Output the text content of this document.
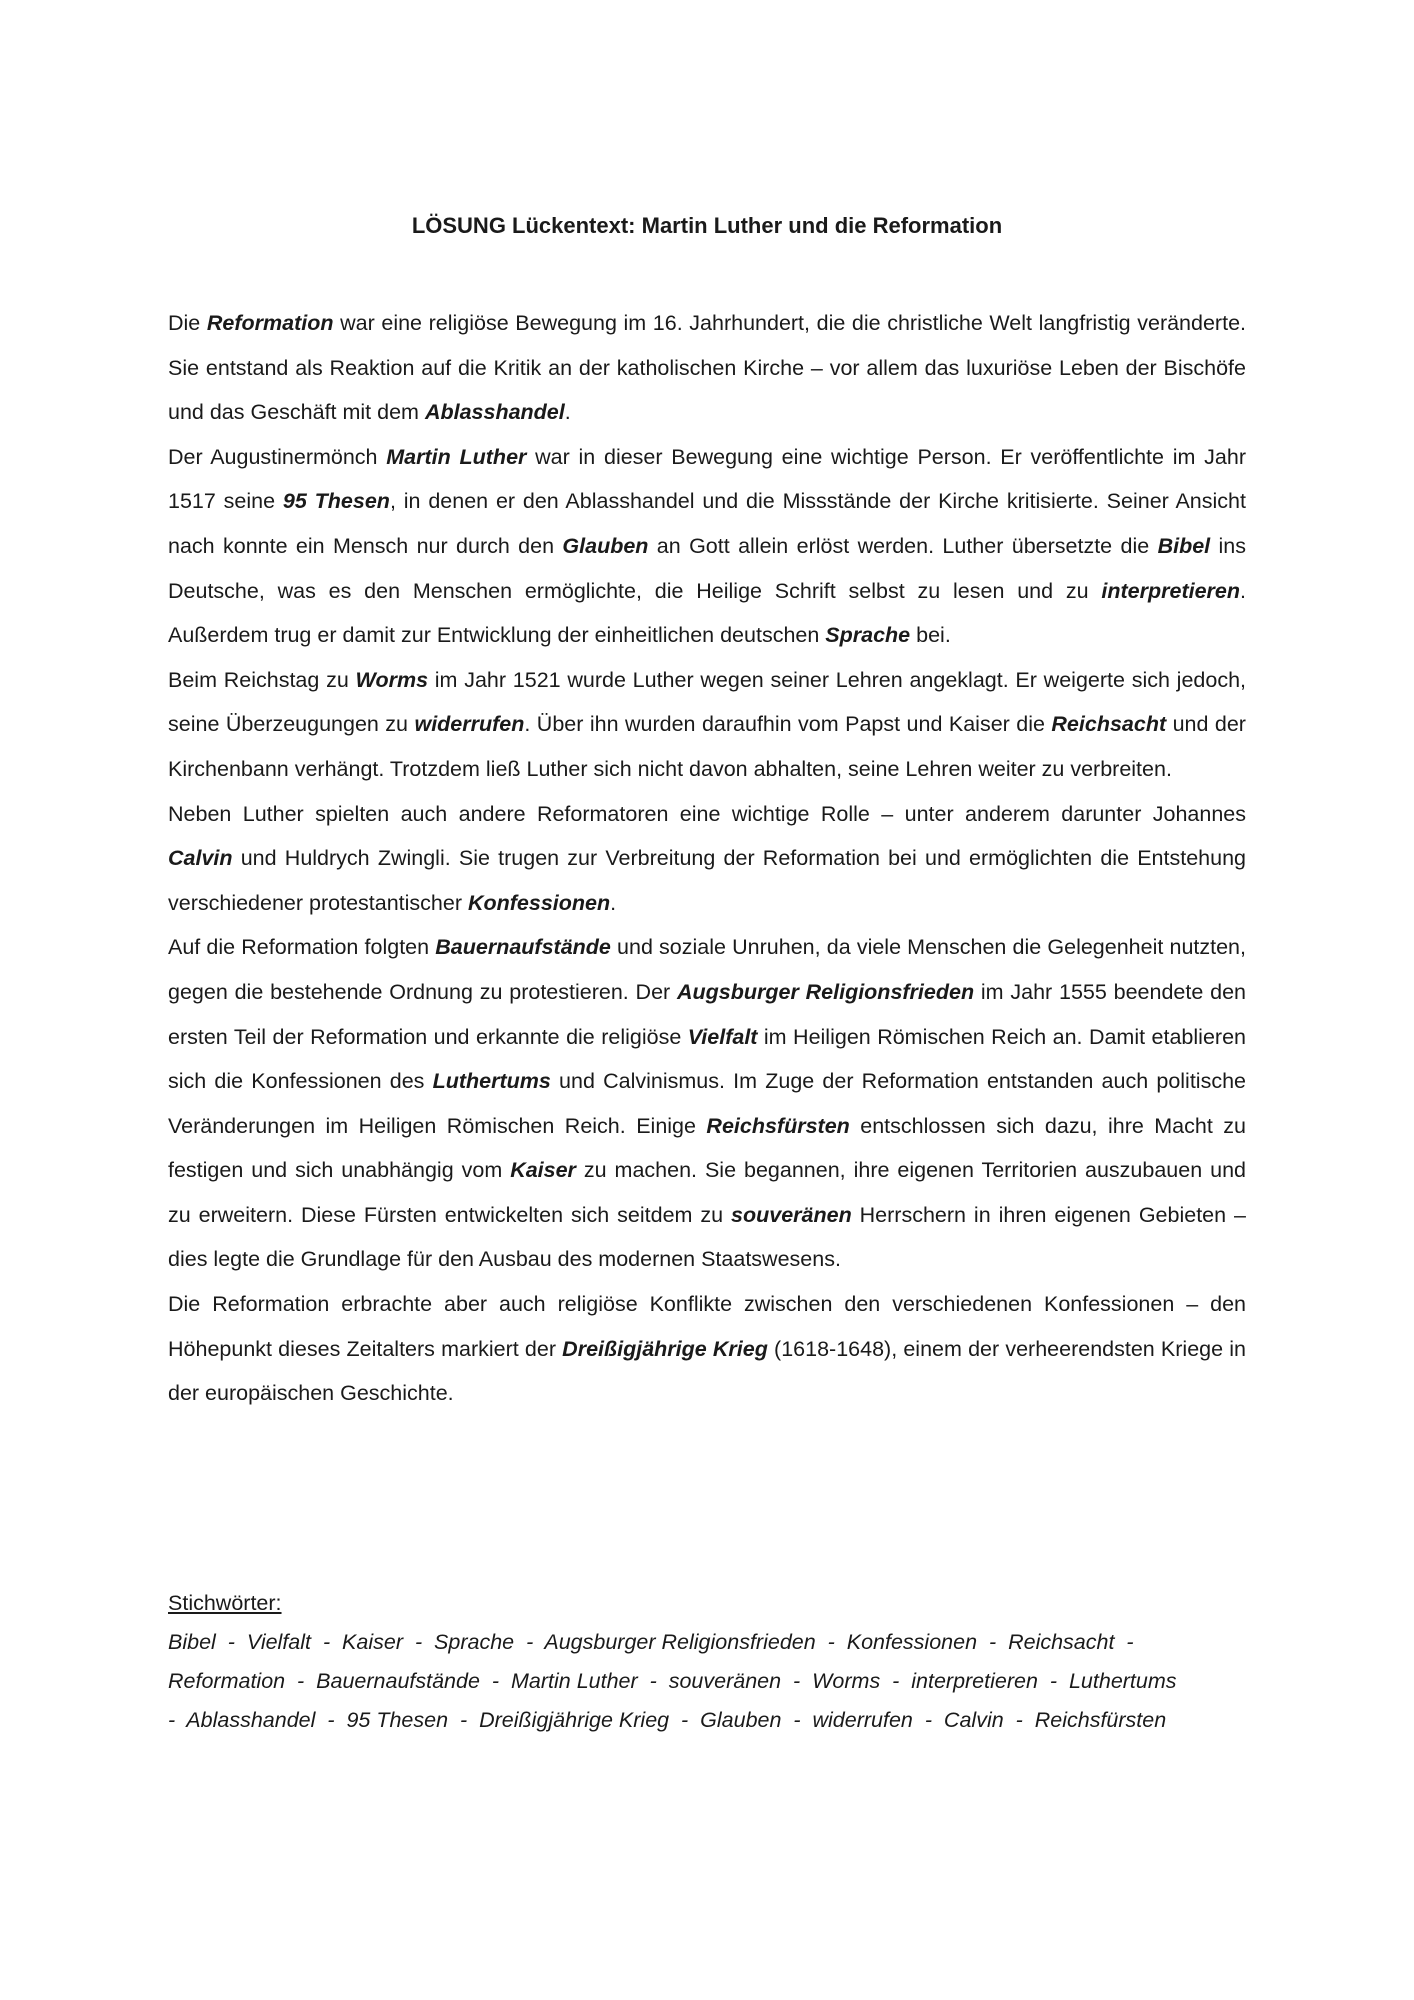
LÖSUNG Lückentext: Martin Luther und die Reformation

Die Reformation war eine religiöse Bewegung im 16. Jahrhundert, die die christliche Welt langfristig veränderte. Sie entstand als Reaktion auf die Kritik an der katholischen Kirche – vor allem das luxuriöse Leben der Bischöfe und das Geschäft mit dem Ablasshandel.

Der Augustinermönch Martin Luther war in dieser Bewegung eine wichtige Person. Er veröffentlichte im Jahr 1517 seine 95 Thesen, in denen er den Ablasshandel und die Missstände der Kirche kritisierte. Seiner Ansicht nach konnte ein Mensch nur durch den Glauben an Gott allein erlöst werden. Luther übersetzte die Bibel ins Deutsche, was es den Menschen ermöglichte, die Heilige Schrift selbst zu lesen und zu interpretieren. Außerdem trug er damit zur Entwicklung der einheitlichen deutschen Sprache bei.

Beim Reichstag zu Worms im Jahr 1521 wurde Luther wegen seiner Lehren angeklagt. Er weigerte sich jedoch, seine Überzeugungen zu widerrufen. Über ihn wurden daraufhin vom Papst und Kaiser die Reichsacht und der Kirchenbann verhängt. Trotzdem ließ Luther sich nicht davon abhalten, seine Lehren weiter zu verbreiten.

Neben Luther spielten auch andere Reformatoren eine wichtige Rolle – unter anderem darunter Johannes Calvin und Huldrych Zwingli. Sie trugen zur Verbreitung der Reformation bei und ermöglichten die Entstehung verschiedener protestantischer Konfessionen.

Auf die Reformation folgten Bauernaufstände und soziale Unruhen, da viele Menschen die Gelegenheit nutzten, gegen die bestehende Ordnung zu protestieren. Der Augsburger Religionsfrieden im Jahr 1555 beendete den ersten Teil der Reformation und erkannte die religiöse Vielfalt im Heiligen Römischen Reich an. Damit etablieren sich die Konfessionen des Luthertums und Calvinismus. Im Zuge der Reformation entstanden auch politische Veränderungen im Heiligen Römischen Reich. Einige Reichsfürsten entschlossen sich dazu, ihre Macht zu festigen und sich unabhängig vom Kaiser zu machen. Sie begannen, ihre eigenen Territorien auszubauen und zu erweitern. Diese Fürsten entwickelten sich seitdem zu souveränen Herrschern in ihren eigenen Gebieten – dies legte die Grundlage für den Ausbau des modernen Staatswesens.

Die Reformation erbrachte aber auch religiöse Konflikte zwischen den verschiedenen Konfessionen – den Höhepunkt dieses Zeitalters markiert der Dreißigjährige Krieg (1618-1648), einem der verheerendsten Kriege in der europäischen Geschichte.

Stichwörter:
Bibel  -  Vielfalt  -  Kaiser  -  Sprache  -  Augsburger Religionsfrieden  -  Konfessionen  -  Reichsacht  -
Reformation  -  Bauernaufstände  -  Martin Luther  -  souveränen  -  Worms  -  interpretieren  -  Luthertums
-  Ablasshandel  -  95 Thesen  -  Dreißigjährige Krieg  -  Glauben  -  widerrufen  -  Calvin  -  Reichsfürsten
